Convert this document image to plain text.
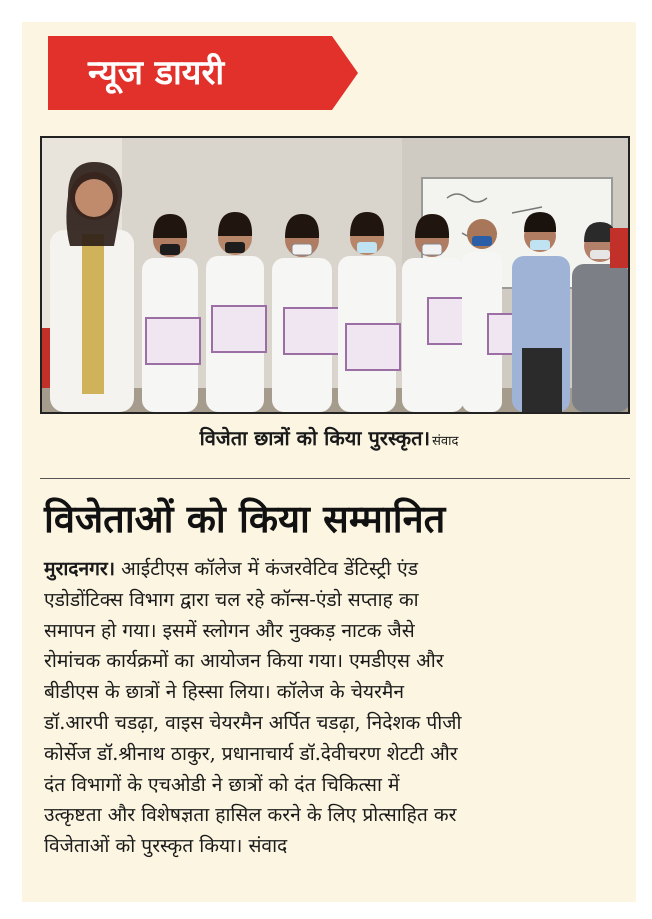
न्यूज डायरी
विजेता छात्रों को किया पुरस्कृत। संवाद
विजेताओं को किया सम्मानित
मुरादनगर। आईटीएस कॉलेज में कंजरवेटिव डेंटिस्ट्री एंड
एडोडोंटिक्स विभाग द्वारा चल रहे कॉन्स-एंडो सप्ताह का
समापन हो गया। इसमें स्लोगन और नुक्कड़ नाटक जैसे
रोमांचक कार्यक्रमों का आयोजन किया गया। एमडीएस और
बीडीएस के छात्रों ने हिस्सा लिया। कॉलेज के चेयरमैन
डॉ.आरपी चडढ़ा, वाइस चेयरमैन अर्पित चडढ़ा, निदेशक पीजी
कोर्सेज डॉ.श्रीनाथ ठाकुर, प्रधानाचार्य डॉ.देवीचरण शेटटी और
दंत विभागों के एचओडी ने छात्रों को दंत चिकित्सा में
उत्कृष्टता और विशेषज्ञता हासिल करने के लिए प्रोत्साहित कर
विजेताओं को पुरस्कृत किया। संवाद
